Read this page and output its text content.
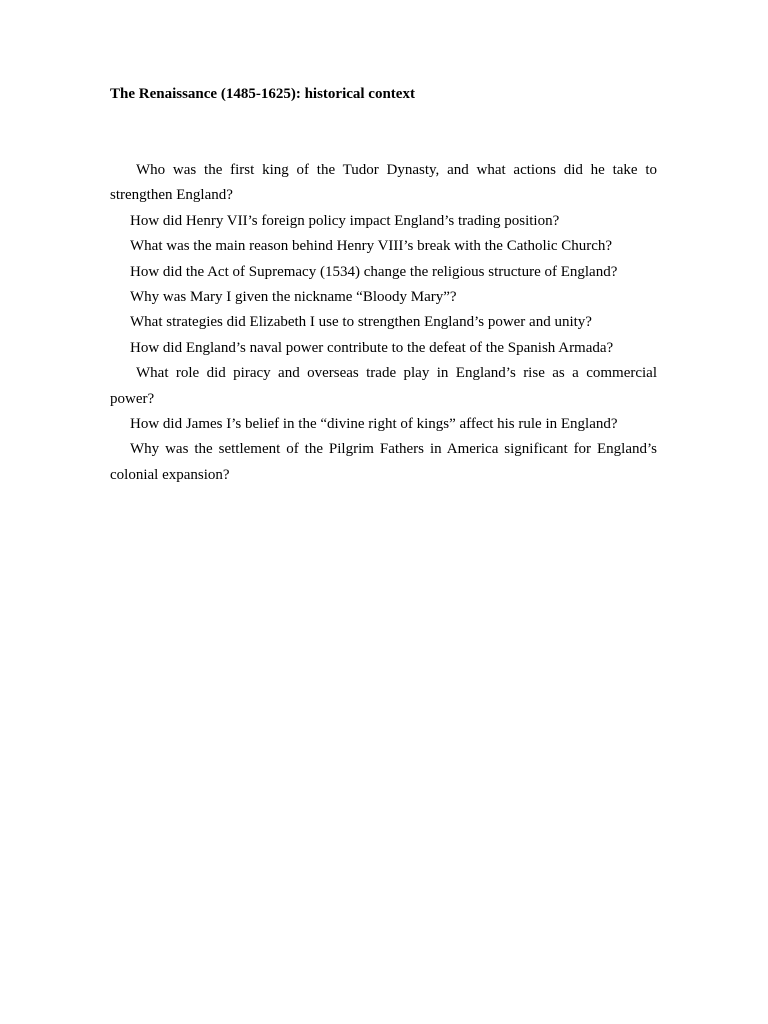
The Renaissance (1485-1625): historical context

Who was the first king of the Tudor Dynasty, and what actions did he take to strengthen England?

How did Henry VII’s foreign policy impact England’s trading position?

What was the main reason behind Henry VIII’s break with the Catholic Church?

How did the Act of Supremacy (1534) change the religious structure of England?

Why was Mary I given the nickname “Bloody Mary”?

What strategies did Elizabeth I use to strengthen England’s power and unity?

How did England’s naval power contribute to the defeat of the Spanish Armada?

What role did piracy and overseas trade play in England’s rise as a commercial power?

How did James I’s belief in the “divine right of kings” affect his rule in England?

Why was the settlement of the Pilgrim Fathers in America significant for England’s colonial expansion?
